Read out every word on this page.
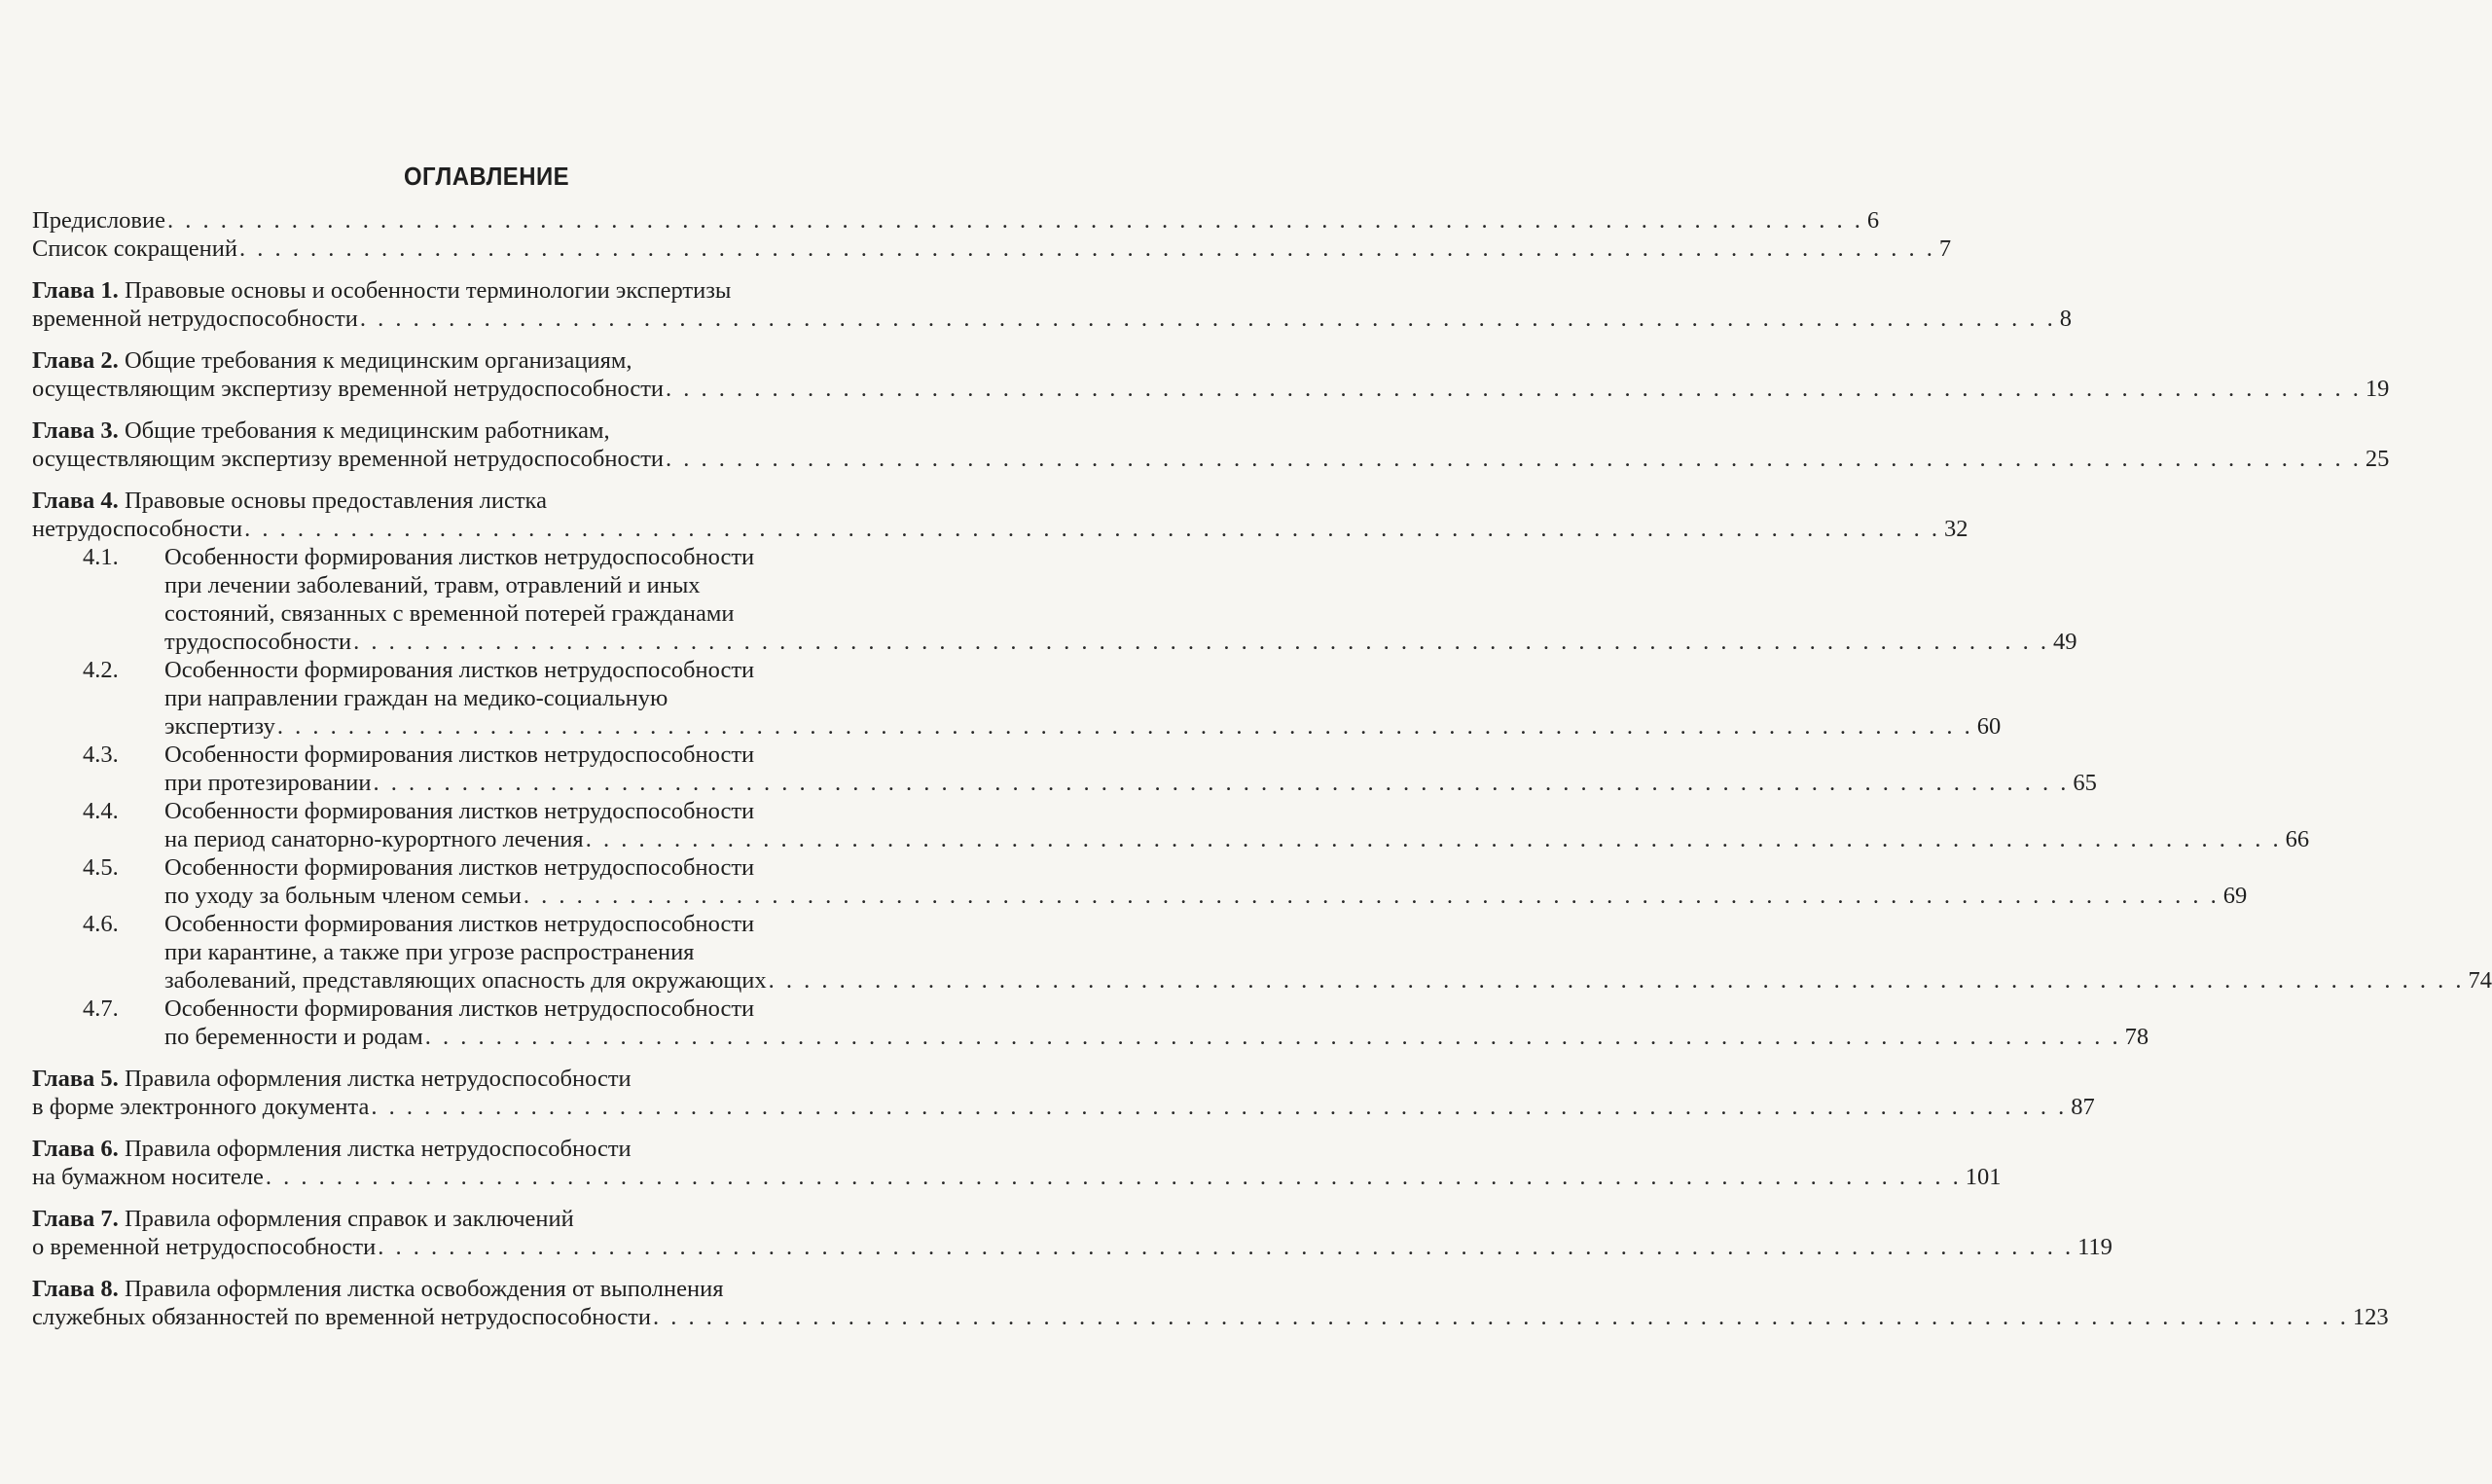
ОГЛАВЛЕНИЕ
Предисловие . . . . . . . . . . . . . . . . . . . . . . . . . . . . . . . . . . . . . . . . . . . . . . . . . . . . . . . . . . . . . . . . . . . . . . . . . . . . . . . . . . . . . . . . . . . . . . . . 6
Список сокращений . . . . . . . . . . . . . . . . . . . . . . . . . . . . . . . . . . . . . . . . . . . . . . . . . . . . . . . . . . . . . . . . . . . . . . . . . . . . . . . . . . . . . . . . . . . . . . . . 7
Глава 1. Правовые основы и особенности терминологии экспертизы
временной нетрудоспособности . . . . . . . . . . . . . . . . . . . . . . . . . . . . . . . . . . . . . . . . . . . . . . . . . . . . . . . . . . . . . . . . . . . . . . . . . . . . . . . . . . . . . . . . . . . . . . . . 8
Глава 2. Общие требования к медицинским организациям,
осуществляющим экспертизу временной нетрудоспособности . . . . . . . . . . . . . . . . . . . . . . . . . . . . . . . . . . . . . . . . . . . . . . . . . . . . . . . . . . . . . . . . . . . . . . . . . . . . . . . . . . . . . . . . . . . . . . . . 19
Глава 3. Общие требования к медицинским работникам,
осуществляющим экспертизу временной нетрудоспособности . . . . . . . . . . . . . . . . . . . . . . . . . . . . . . . . . . . . . . . . . . . . . . . . . . . . . . . . . . . . . . . . . . . . . . . . . . . . . . . . . . . . . . . . . . . . . . . . 25
Глава 4. Правовые основы предоставления листка
нетрудоспособности . . . . . . . . . . . . . . . . . . . . . . . . . . . . . . . . . . . . . . . . . . . . . . . . . . . . . . . . . . . . . . . . . . . . . . . . . . . . . . . . . . . . . . . . . . . . . . . . 32
4.1.	Особенности формирования листков нетрудоспособности
при лечении заболеваний, травм, отравлений и иных
состояний, связанных с временной потерей гражданами
трудоспособности . . . . . . . . . . . . . . . . . . . . . . . . . . . . . . . . . . . . . . . . . . . . . . . . . . . . . . . . . . . . . . . . . . . . . . . . . . . . . . . . . . . . . . . . . . . . . . . . 49
4.2.	Особенности формирования листков нетрудоспособности
при направлении граждан на медико-социальную
экспертизу . . . . . . . . . . . . . . . . . . . . . . . . . . . . . . . . . . . . . . . . . . . . . . . . . . . . . . . . . . . . . . . . . . . . . . . . . . . . . . . . . . . . . . . . . . . . . . . . 60
4.3.	Особенности формирования листков нетрудоспособности
при протезировании . . . . . . . . . . . . . . . . . . . . . . . . . . . . . . . . . . . . . . . . . . . . . . . . . . . . . . . . . . . . . . . . . . . . . . . . . . . . . . . . . . . . . . . . . . . . . . . . 65
4.4.	Особенности формирования листков нетрудоспособности
на период санаторно-курортного лечения . . . . . . . . . . . . . . . . . . . . . . . . . . . . . . . . . . . . . . . . . . . . . . . . . . . . . . . . . . . . . . . . . . . . . . . . . . . . . . . . . . . . . . . . . . . . . . . . 66
4.5.	Особенности формирования листков нетрудоспособности
по уходу за больным членом семьи . . . . . . . . . . . . . . . . . . . . . . . . . . . . . . . . . . . . . . . . . . . . . . . . . . . . . . . . . . . . . . . . . . . . . . . . . . . . . . . . . . . . . . . . . . . . . . . . 69
4.6.	Особенности формирования листков нетрудоспособности
при карантине, а также при угрозе распространения
заболеваний, представляющих опасность для окружающих . . . . . . . . . . . . . . . . . . . . . . . . . . . . . . . . . . . . . . . . . . . . . . . . . . . . . . . . . . . . . . . . . . . . . . . . . . . . . . . . . . . . . . . . . . . . . . . . 74
4.7.	Особенности формирования листков нетрудоспособности
по беременности и родам . . . . . . . . . . . . . . . . . . . . . . . . . . . . . . . . . . . . . . . . . . . . . . . . . . . . . . . . . . . . . . . . . . . . . . . . . . . . . . . . . . . . . . . . . . . . . . . . 78
Глава 5. Правила оформления листка нетрудоспособности
в форме электронного документа . . . . . . . . . . . . . . . . . . . . . . . . . . . . . . . . . . . . . . . . . . . . . . . . . . . . . . . . . . . . . . . . . . . . . . . . . . . . . . . . . . . . . . . . . . . . . . . . 87
Глава 6. Правила оформления листка нетрудоспособности
на бумажном носителе . . . . . . . . . . . . . . . . . . . . . . . . . . . . . . . . . . . . . . . . . . . . . . . . . . . . . . . . . . . . . . . . . . . . . . . . . . . . . . . . . . . . . . . . . . . . . . . . 101
Глава 7. Правила оформления справок и заключений
о временной нетрудоспособности . . . . . . . . . . . . . . . . . . . . . . . . . . . . . . . . . . . . . . . . . . . . . . . . . . . . . . . . . . . . . . . . . . . . . . . . . . . . . . . . . . . . . . . . . . . . . . . . 119
Глава 8. Правила оформления листка освобождения от выполнения
служебных обязанностей по временной нетрудоспособности . . . . . . . . . . . . . . . . . . . . . . . . . . . . . . . . . . . . . . . . . . . . . . . . . . . . . . . . . . . . . . . . . . . . . . . . . . . . . . . . . . . . . . . . . . . . . . . . 123
